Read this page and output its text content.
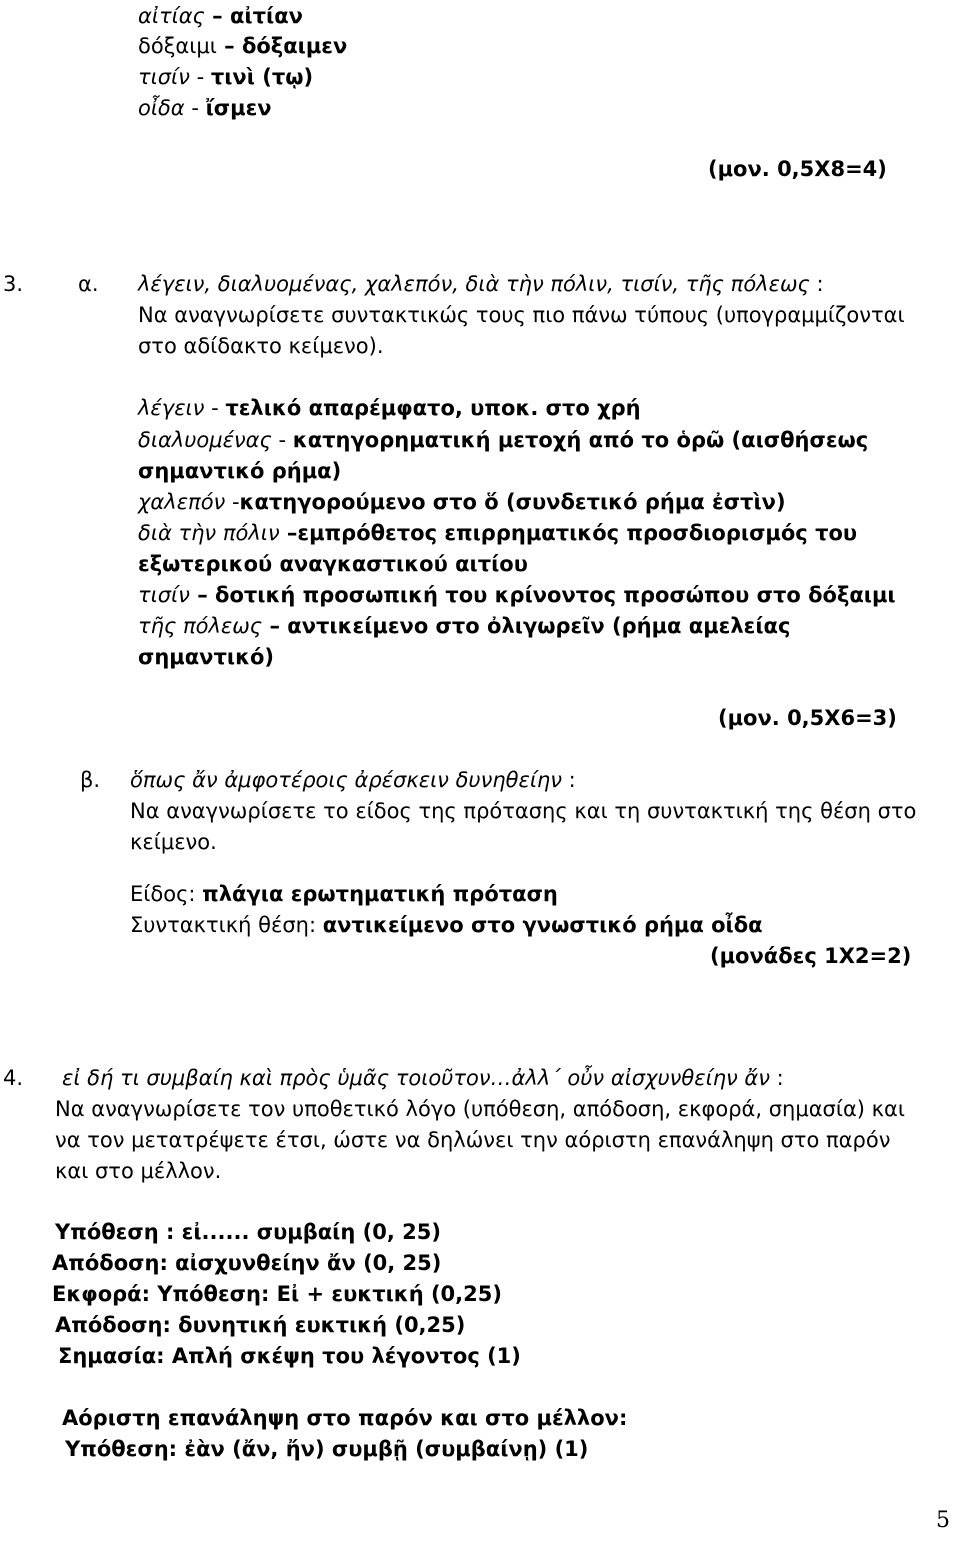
αἰτίας – αἰτίαν
δόξαιμι – δόξαιμεν
τισίν - τινὶ (τῳ)
οἶδα - ἴσμεν
(μον. 0,5Χ8=4)
3.	α. λέγειν, διαλυομένας, χαλεπόν, διὰ τὴν πόλιν, τισίν, τῆς πόλεως :
Να αναγνωρίσετε συντακτικώς τους πιο πάνω τύπους (υπογραμμίζονται
στο αδίδακτο κείμενο).
λέγειν - τελικό απαρέμφατο, υποκ. στο χρή
διαλυομένας - κατηγορηματική μετοχή από το ὁρῶ (αισθήσεως
σημαντικό ρήμα)
χαλεπόν -κατηγορούμενο στο ὅ (συνδετικό ρήμα ἐστὶν)
διὰ τὴν πόλιν –εμπρόθετος επιρρηματικός προσδιορισμός του
εξωτερικού αναγκαστικού αιτίου
τισίν – δοτική προσωπική του κρίνοντος προσώπου στο δόξαιμι
τῆς πόλεως – αντικείμενο στο ὀλιγωρεῖν (ρήμα αμελείας
σημαντικό)
(μον. 0,5Χ6=3)
β. ὅπως ἄν ἀμφοτέροις ἀρέσκειν δυνηθείην :
Να αναγνωρίσετε το είδος της πρότασης και τη συντακτική της θέση στο
κείμενο.
Είδος: πλάγια ερωτηματική πρόταση
Συντακτική θέση: αντικείμενο στο γνωστικό ρήμα οἶδα
(μονάδες 1Χ2=2)
4. εἰ δή τι συμβαίη καὶ πρὸς ὑμᾶς τοιοῦτον…ἀλλ΄ οὖν αἰσχυνθείην ἄν :
Να αναγνωρίσετε τον υποθετικό λόγο (υπόθεση, απόδοση, εκφορά, σημασία) και
να τον μετατρέψετε έτσι, ώστε να δηλώνει την αόριστη επανάληψη στο παρόν
και στο μέλλον.
Υπόθεση : εἰ...... συμβαίη (0, 25)
Απόδοση: αἰσχυνθείην ἄν (0, 25)
Εκφορά: Υπόθεση: Εἰ + ευκτική (0,25)
Απόδοση: δυνητική ευκτική (0,25)
Σημασία: Απλή σκέψη του λέγοντος (1)
Αόριστη επανάληψη στο παρόν και στο μέλλον:
Υπόθεση: ἐὰν (ἄν, ἤν) συμβῇ (συμβαίνῃ) (1)
5
